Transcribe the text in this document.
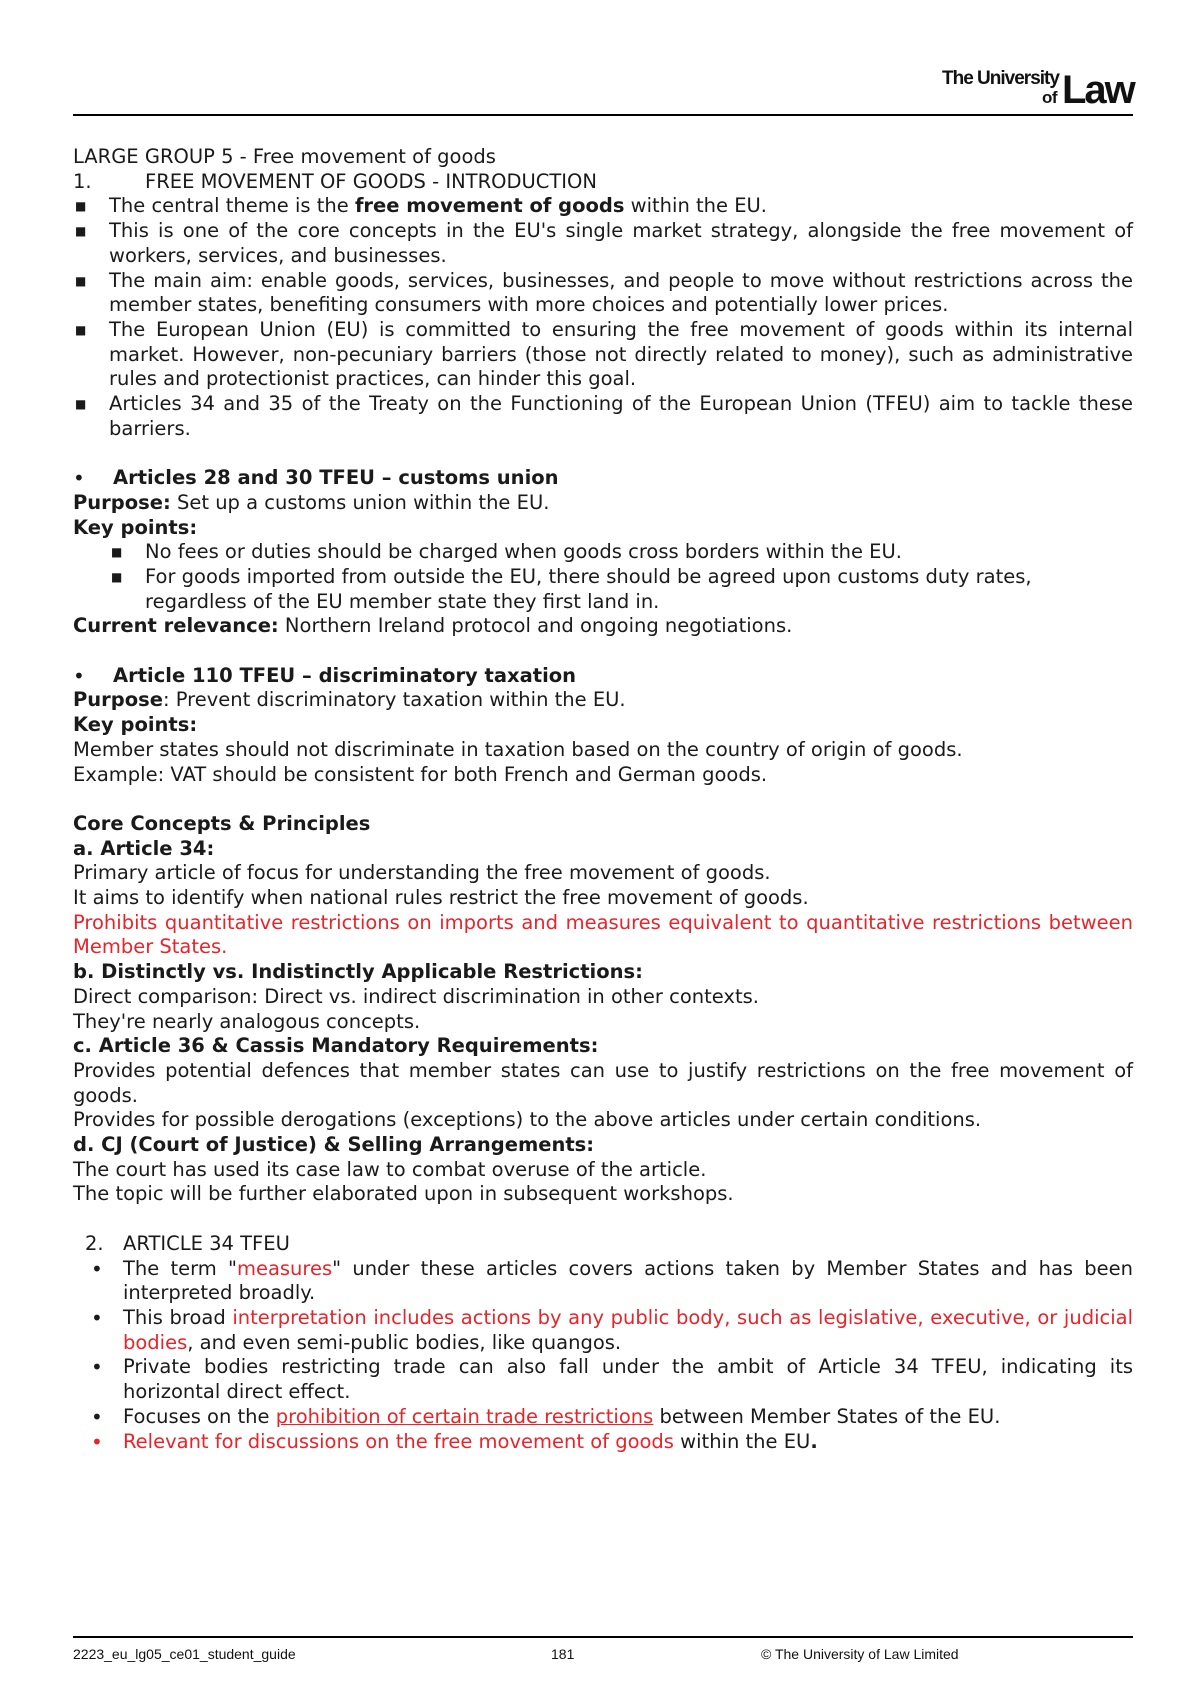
The University
of Law

LARGE GROUP 5 - Free movement of goods

1.	FREE MOVEMENT OF GOODS - INTRODUCTION
■	The central theme is the free movement of goods within the EU.
■	This is one of the core concepts in the EU's single market strategy, alongside the free movement of workers, services, and businesses.
■	The main aim: enable goods, services, businesses, and people to move without restrictions across the member states, benefiting consumers with more choices and potentially lower prices.
■	The European Union (EU) is committed to ensuring the free movement of goods within its internal market. However, non-pecuniary barriers (those not directly related to money), such as administrative rules and protectionist practices, can hinder this goal.
■	Articles 34 and 35 of the Treaty on the Functioning of the European Union (TFEU) aim to tackle these barriers.
•	Articles 28 and 30 TFEU – customs union

Purpose: Set up a customs union within the EU.

Key points:

■	No fees or duties should be charged when goods cross borders within the EU.
■	For goods imported from outside the EU, there should be agreed upon customs duty rates, regardless of the EU member state they first land in.

Current relevance: Northern Ireland protocol and ongoing negotiations.

•	Article 110 TFEU – discriminatory taxation

Purpose: Prevent discriminatory taxation within the EU.

Key points:

Member states should not discriminate in taxation based on the country of origin of goods.

Example: VAT should be consistent for both French and German goods.

Core Concepts & Principles

a. Article 34:

Primary article of focus for understanding the free movement of goods.

It aims to identify when national rules restrict the free movement of goods.

Prohibits quantitative restrictions on imports and measures equivalent to quantitative restrictions between Member States.

b. Distinctly vs. Indistinctly Applicable Restrictions:

Direct comparison: Direct vs. indirect discrimination in other contexts.

They're nearly analogous concepts.

c. Article 36 & Cassis Mandatory Requirements:

Provides potential defences that member states can use to justify restrictions on the free movement of goods.

Provides for possible derogations (exceptions) to the above articles under certain conditions.

d. CJ (Court of Justice) & Selling Arrangements:

The court has used its case law to combat overuse of the article.

The topic will be further elaborated upon in subsequent workshops.

2. ARTICLE 34 TFEU
•	The term "measures" under these articles covers actions taken by Member States and has been interpreted broadly.
•	This broad interpretation includes actions by any public body, such as legislative, executive, or judicial bodies, and even semi-public bodies, like quangos.
•	Private bodies restricting trade can also fall under the ambit of Article 34 TFEU, indicating its horizontal direct effect.
•	Focuses on the prohibition of certain trade restrictions between Member States of the EU.
•	Relevant for discussions on the free movement of goods within the EU.
2223_eu_lg05_ce01_student_guide	181	© The University of Law Limited
